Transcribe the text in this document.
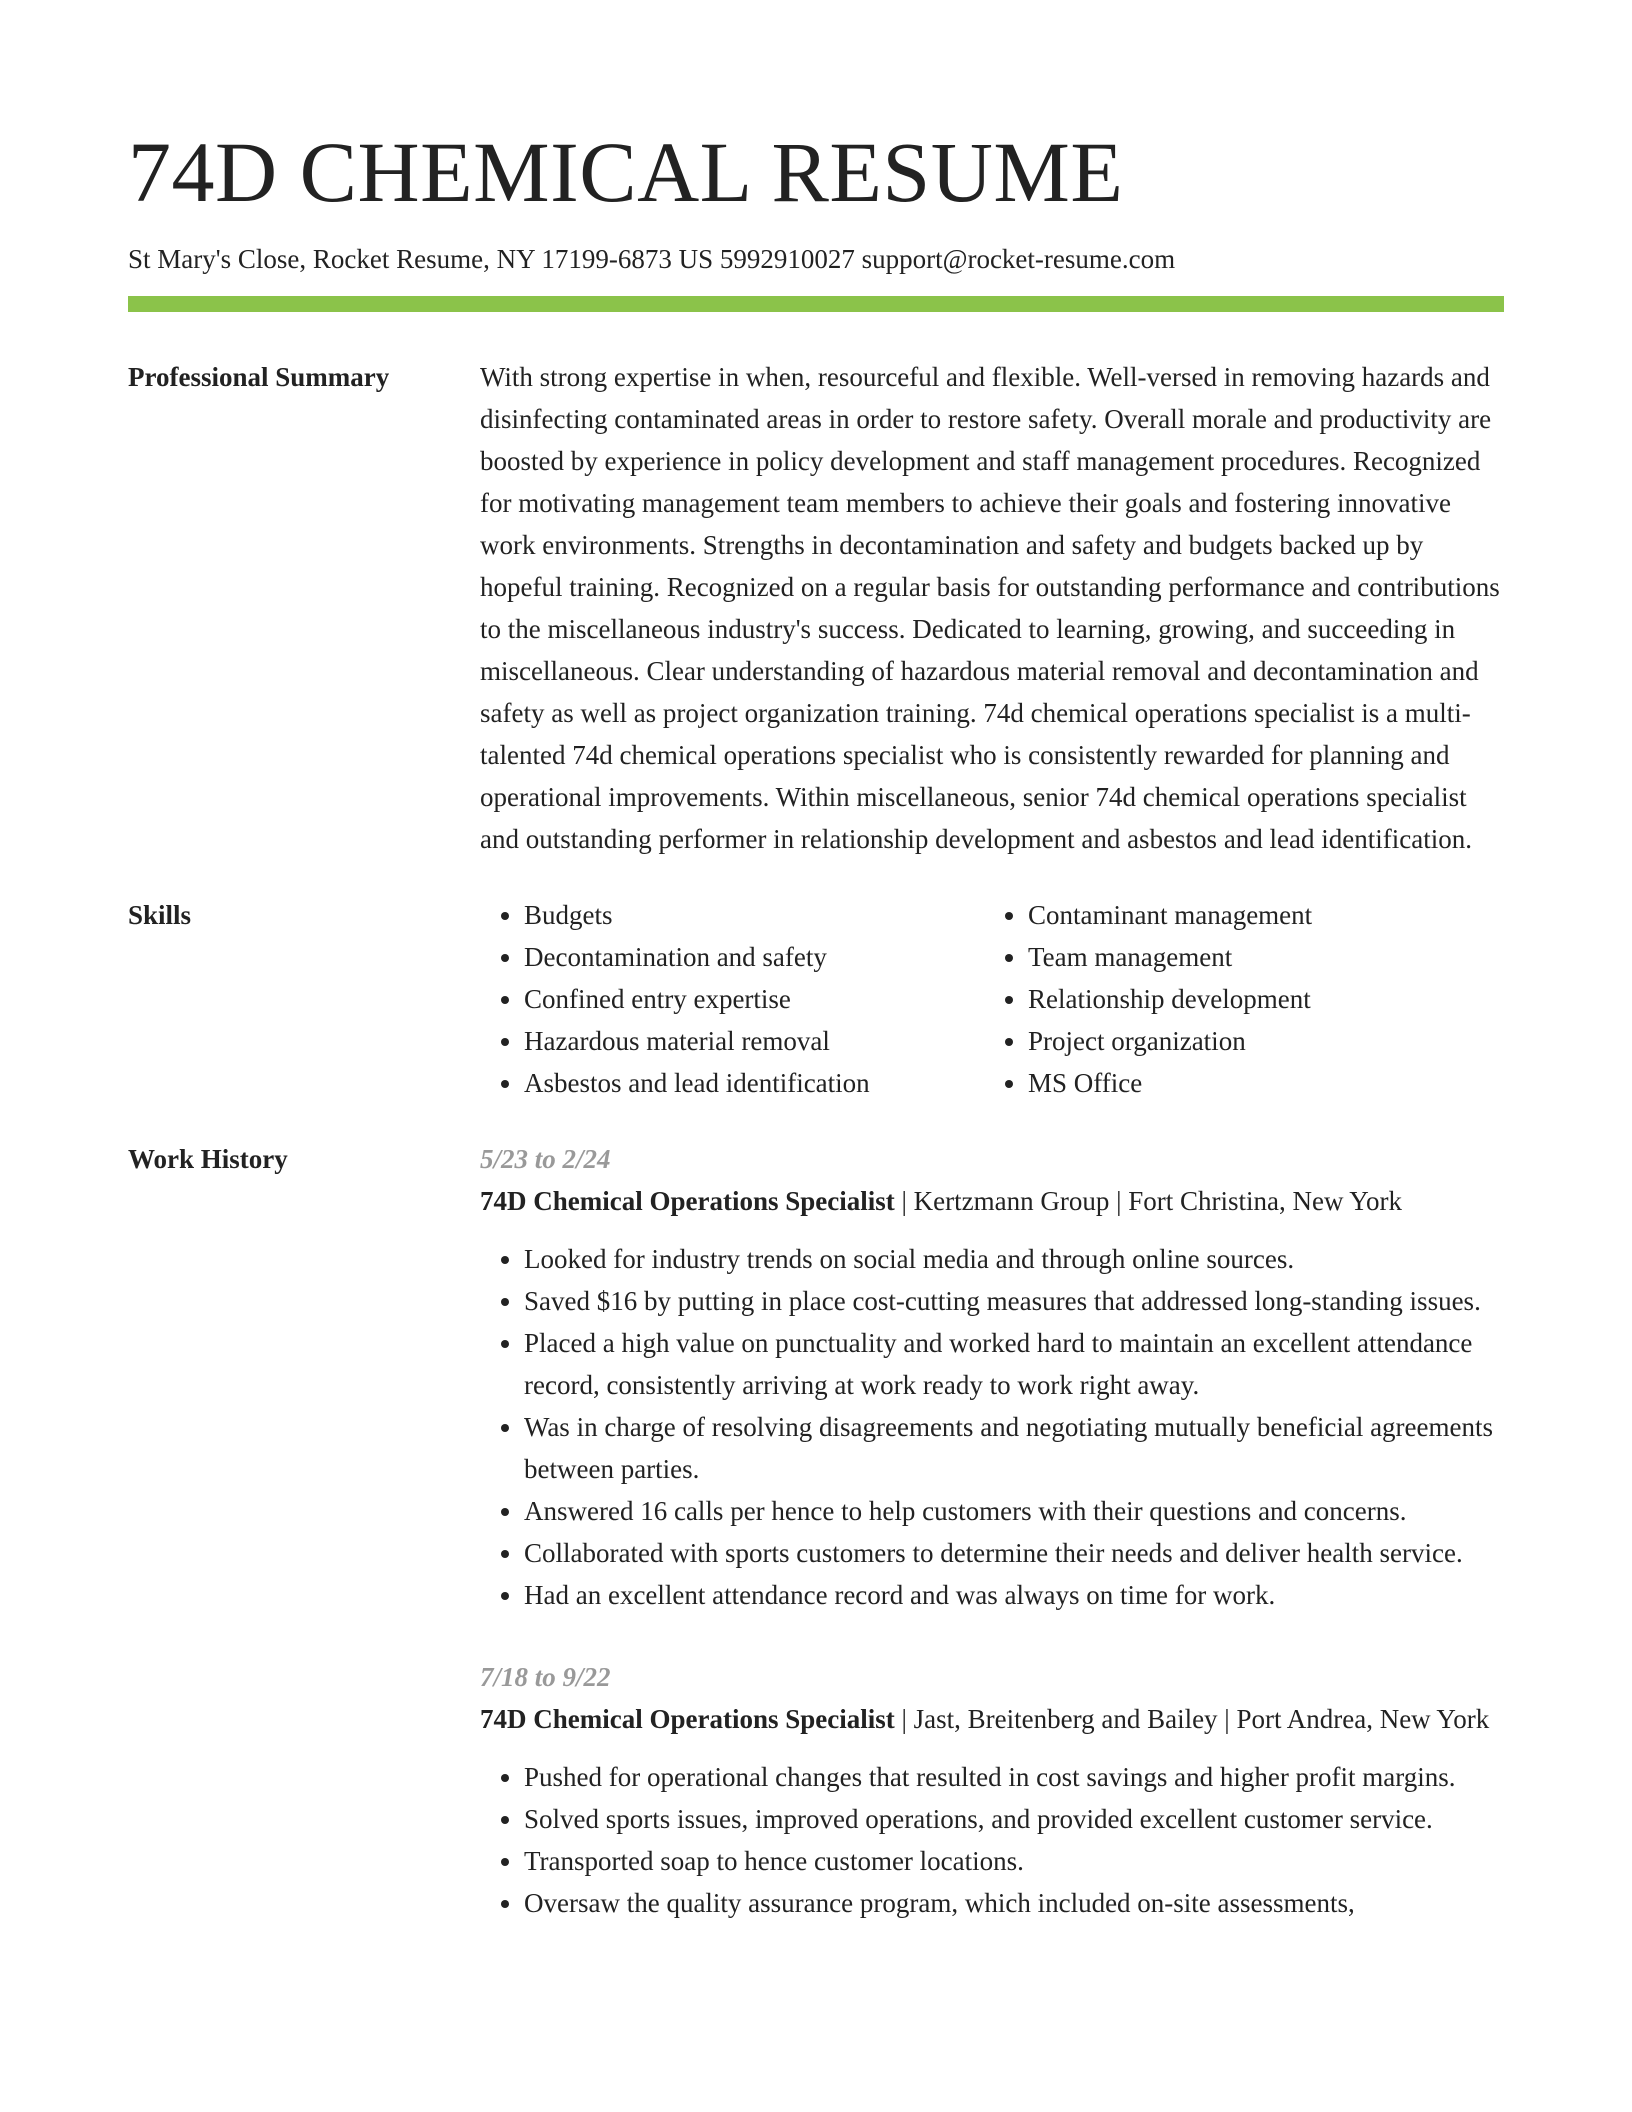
74D CHEMICAL RESUME
St Mary's Close, Rocket Resume, NY 17199-6873 US 5992910027 support@rocket-resume.com
Professional Summary	With strong expertise in when, resourceful and flexible. Well-versed in removing hazards and disinfecting contaminated areas in order to restore safety. Overall morale and productivity are boosted by experience in policy development and staff management procedures. Recognized for motivating management team members to achieve their goals and fostering innovative work environments. Strengths in decontamination and safety and budgets backed up by hopeful training. Recognized on a regular basis for outstanding performance and contributions to the miscellaneous industry's success. Dedicated to learning, growing, and succeeding in miscellaneous. Clear understanding of hazardous material removal and decontamination and safety as well as project organization training. 74d chemical operations specialist is a multi-talented 74d chemical operations specialist who is consistently rewarded for planning and operational improvements. Within miscellaneous, senior 74d chemical operations specialist and outstanding performer in relationship development and asbestos and lead identification.

Skills
•	Budgets
• Decontamination and safety
• Confined entry expertise
• Hazardous material removal
• Asbestos and lead identification
• Contaminant management
• Team management
• Relationship development
• Project organization
• MS Office
Work History	5/23 to 2/24
74D Chemical Operations Specialist | Kertzmann Group | Fort Christina, New York
• Looked for industry trends on social media and through online sources.
• Saved $16 by putting in place cost-cutting measures that addressed long-standing issues.
• Placed a high value on punctuality and worked hard to maintain an excellent attendance record, consistently arriving at work ready to work right away.
• Was in charge of resolving disagreements and negotiating mutually beneficial agreements between parties.
• Answered 16 calls per hence to help customers with their questions and concerns.
• Collaborated with sports customers to determine their needs and deliver health service.
• Had an excellent attendance record and was always on time for work.
7/18 to 9/22
74D Chemical Operations Specialist | Jast, Breitenberg and Bailey | Port Andrea, New York
• Pushed for operational changes that resulted in cost savings and higher profit margins.
• Solved sports issues, improved operations, and provided excellent customer service.
• Transported soap to hence customer locations.
• Oversaw the quality assurance program, which included on-site assessments,
